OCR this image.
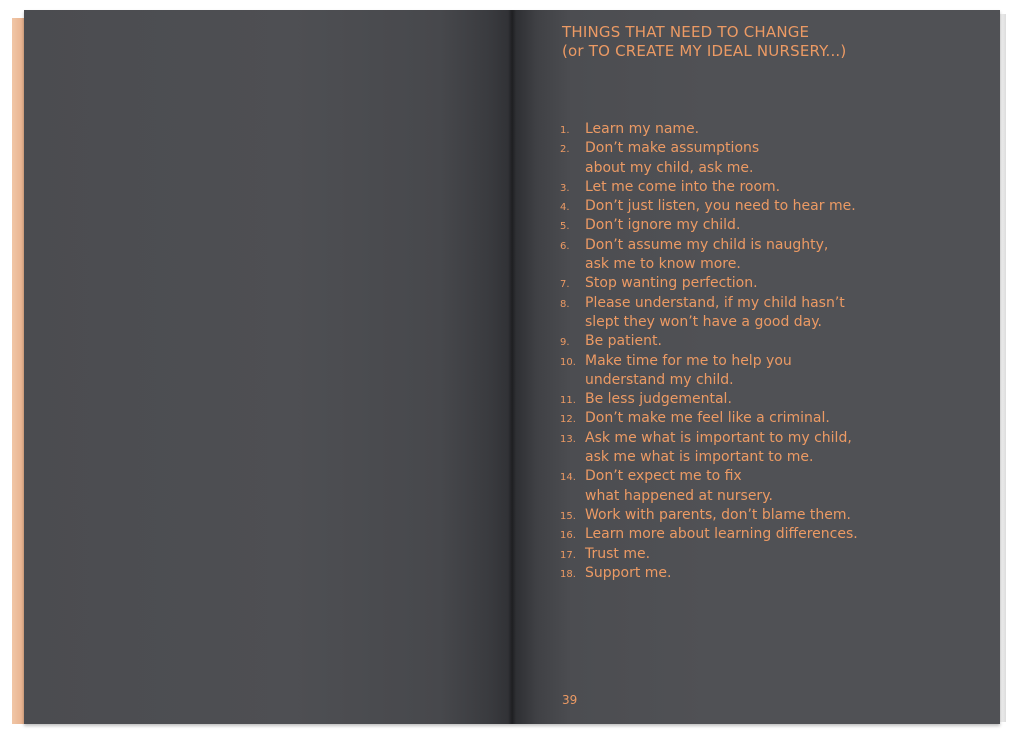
THINGS THAT NEED TO CHANGE
(or TO CREATE MY IDEAL NURSERY...)
1. Learn my name.
2. Don’t make assumptions
about my child, ask me.
3. Let me come into the room.
4. Don’t just listen, you need to hear me.
5. Don’t ignore my child.
6. Don’t assume my child is naughty,
ask me to know more.
7. Stop wanting perfection.
8. Please understand, if my child hasn’t
slept they won’t have a good day.
9. Be patient.
10. Make time for me to help you
understand my child.
11. Be less judgemental.
12. Don’t make me feel like a criminal.
13. Ask me what is important to my child,
ask me what is important to me.
14. Don’t expect me to fix
what happened at nursery.
15. Work with parents, don’t blame them.
16. Learn more about learning differences.
17. Trust me.
18. Support me.
39
